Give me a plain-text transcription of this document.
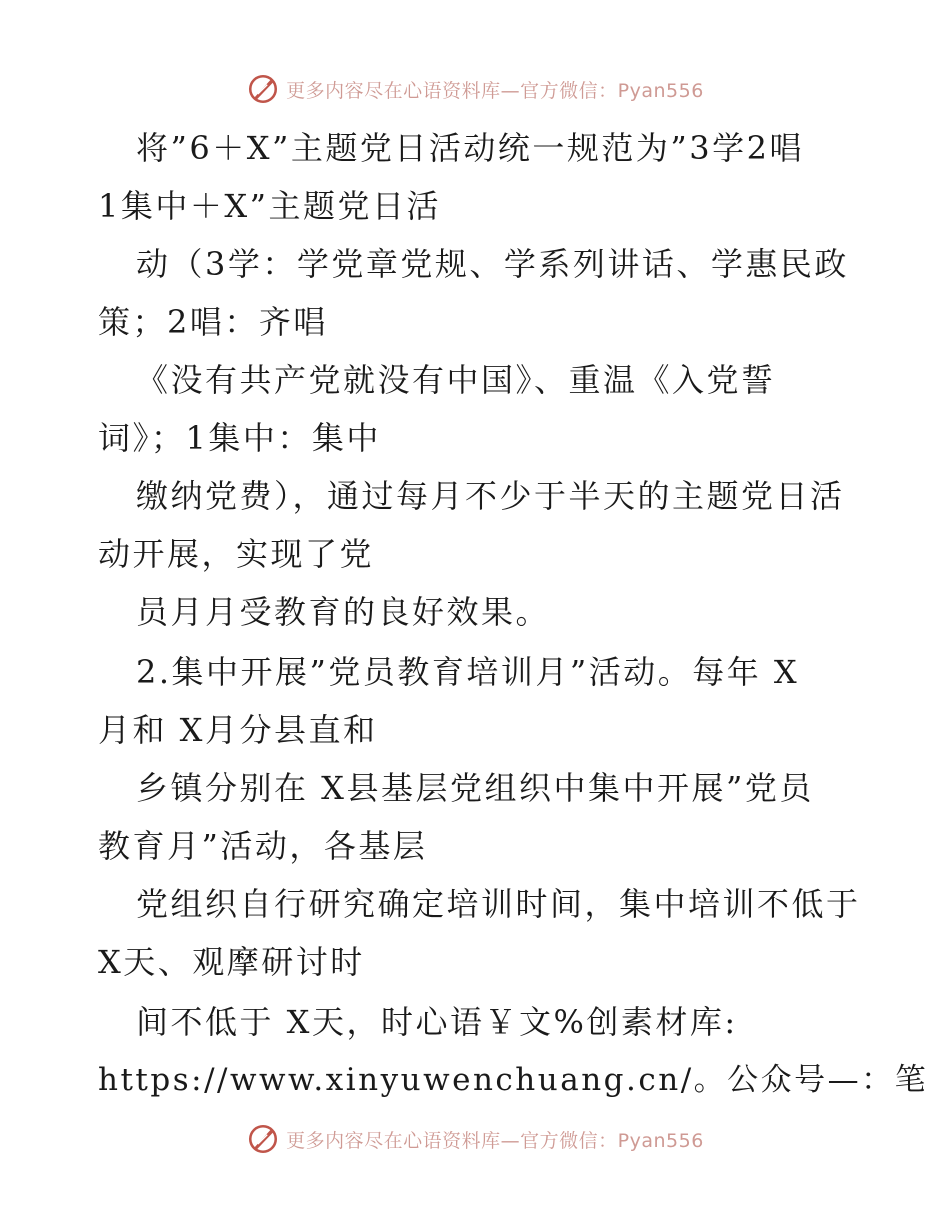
更多内容尽在心语资料库—官方微信：Pyan556
将”6＋X”主题党日活动统一规范为”3学2唱
1集中＋X”主题党日活
动（3学：学党章党规、学系列讲话、学惠民政
策；2唱：齐唱
《没有共产党就没有中国》、重温《入党誓
词》；1集中：集中
缴纳党费），通过每月不少于半天的主题党日活
动开展，实现了党
员月月受教育的良好效果。
2.集中开展”党员教育培训月”活动。每年 X
月和 X月分县直和
乡镇分别在 X县基层党组织中集中开展”党员
教育月”活动，各基层
党组织自行研究确定培训时间，集中培训不低于
X天、观摩研讨时
间不低于 X天，时心语￥文%创素材库:
https://www.xinyuwenchuang.cn/。公众号—：笔
更多内容尽在心语资料库—官方微信：Pyan556
